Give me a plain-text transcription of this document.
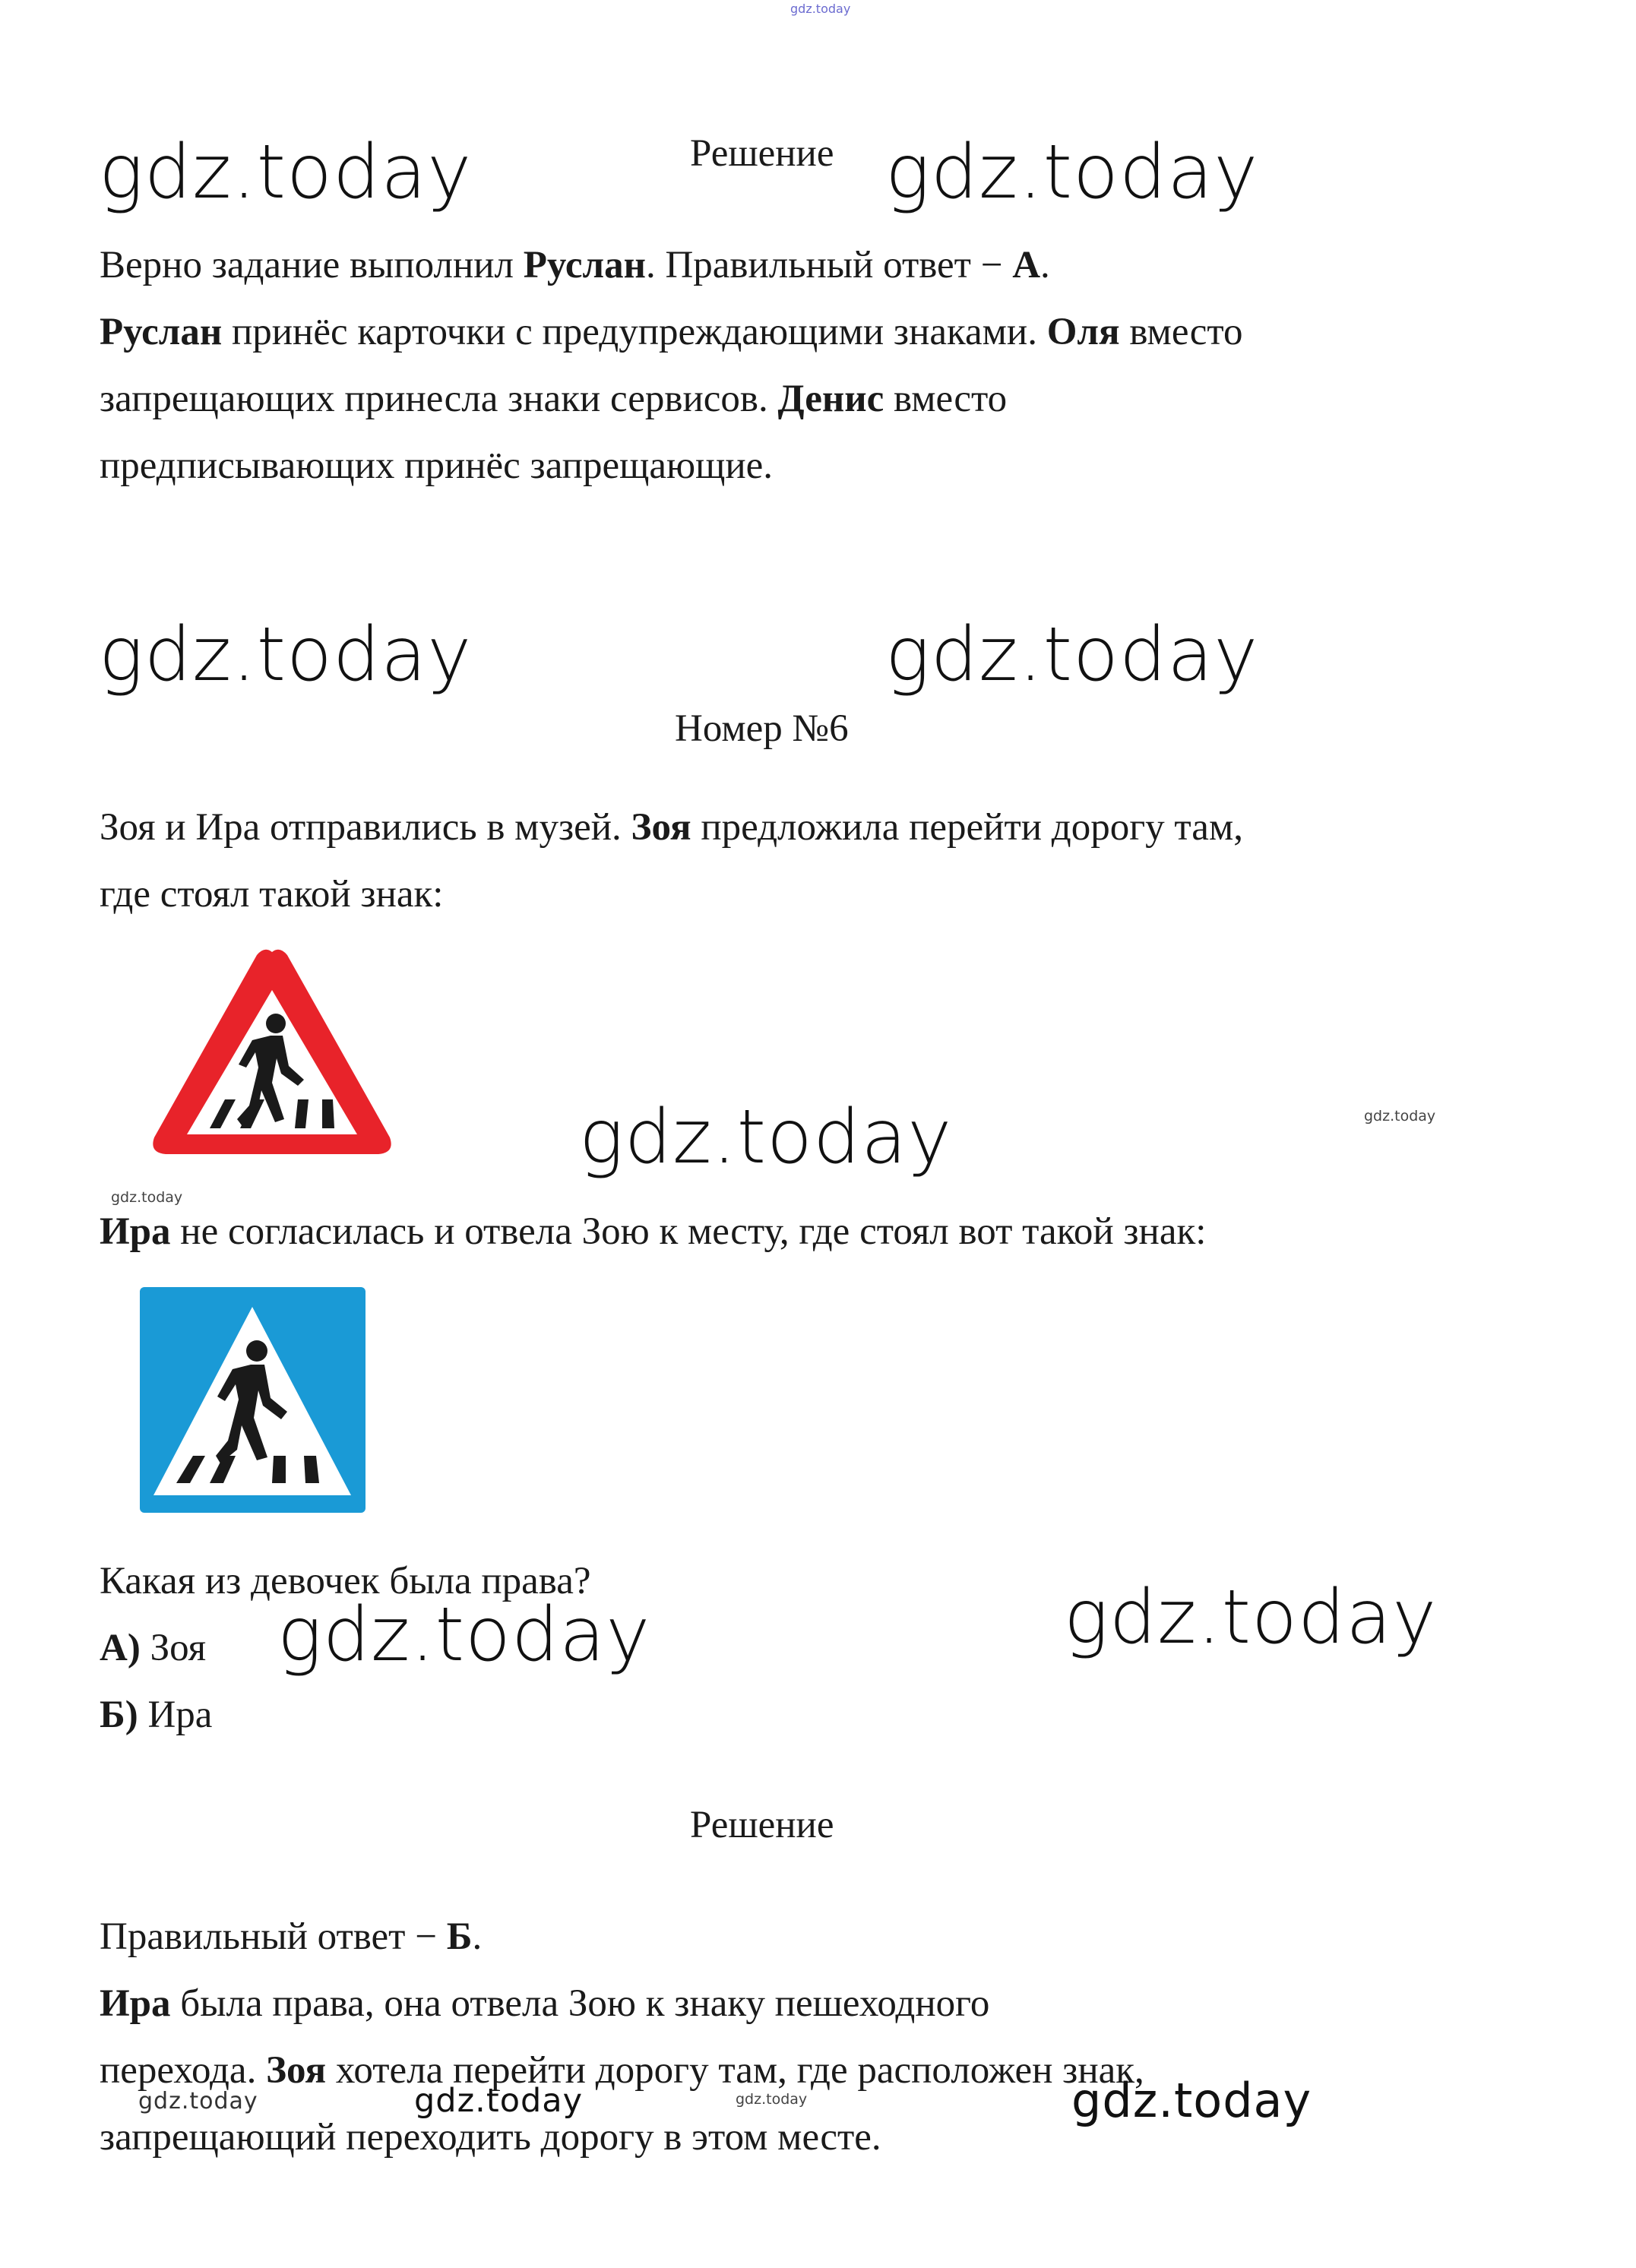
gdz.today
gdz.today	gdz.today
gdz.today	gdz.today
gdz.today	gdz.today
gdz.today
gdz.today	gdz.today
gdz.today	gdz.today	gdz.today	gdz.today
Решение
Верно задание выполнил Руслан. Правильный ответ − А.
Руслан принёс карточки с предупреждающими знаками. Оля вместо
запрещающих принесла знаки сервисов. Денис вместо
предписывающих принёс запрещающие.
Номер №6
Зоя и Ира отправились в музей. Зоя предложила перейти дорогу там,
где стоял такой знак:
Ира не согласилась и отвела Зою к месту, где стоял вот такой знак:
Какая из девочек была права?
А) Зоя
Б) Ира
Решение
Правильный ответ − Б.
Ира была права, она отвела Зою к знаку пешеходного
перехода. Зоя хотела перейти дорогу там, где расположен знак,
запрещающий переходить дорогу в этом месте.
